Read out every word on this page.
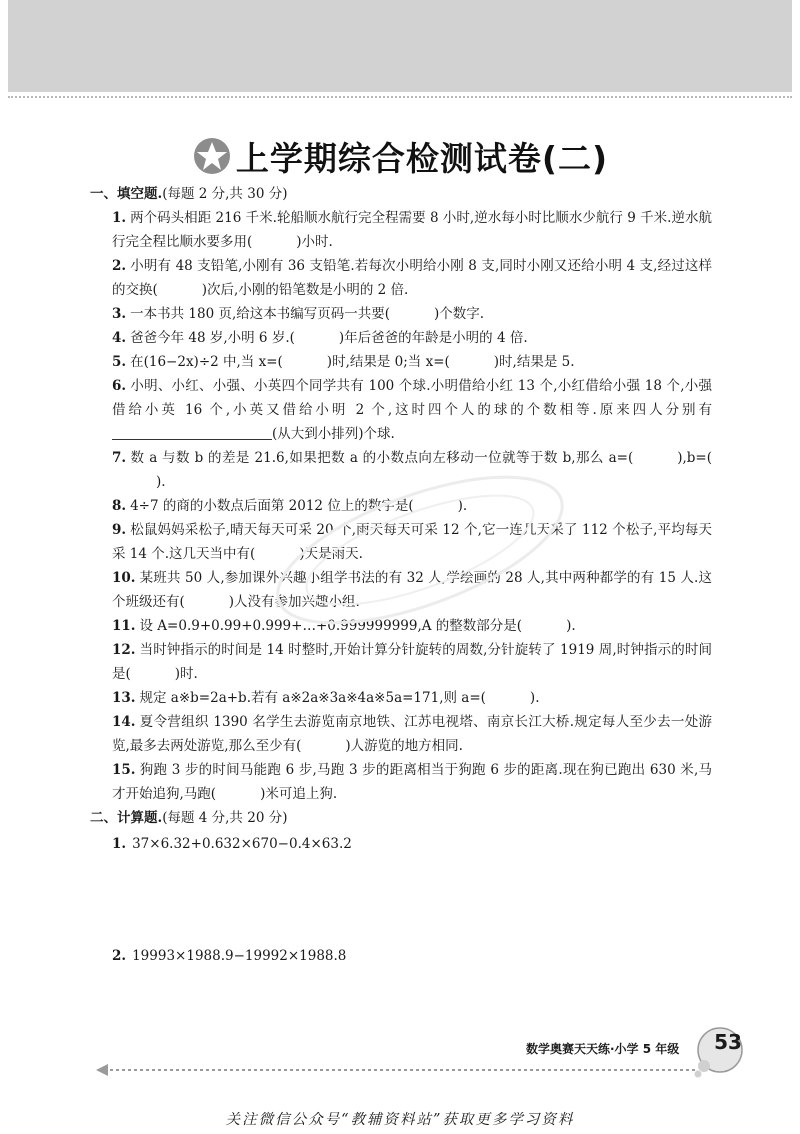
上学期综合检测试卷(二)
一、填空题.(每题 2 分,共 30 分)
1. 两个码头相距 216 千米.轮船顺水航行完全程需要 8 小时,逆水每小时比顺水少航行 9 千米.逆水航行完全程比顺水要多用(	)小时.
2. 小明有 48 支铅笔,小刚有 36 支铅笔.若每次小明给小刚 8 支,同时小刚又还给小明 4 支,经过这样的交换(	)次后,小刚的铅笔数是小明的 2 倍.
3. 一本书共 180 页,给这本书编写页码一共要(	)个数字.
4. 爸爸今年 48 岁,小明 6 岁.(	)年后爸爸的年龄是小明的 4 倍.
5. 在(16−2x)÷2 中,当 x=(	)时,结果是 0;当 x=(	)时,结果是 5.
6. 小明、小红、小强、小英四个同学共有 100 个球.小明借给小红 13 个,小红借给小强 18 个,小强借给小英 16 个,小英又借给小明 2 个,这时四个人的球的个数相等.原来四人分别有(从大到小排列)个球.
7. 数 a 与数 b 的差是 21.6,如果把数 a 的小数点向左移动一位就等于数 b,那么 a=(	),b=().
8. 4÷7 的商的小数点后面第 2012 位上的数字是(	).
9. 松鼠妈妈采松子,晴天每天可采 20 个,雨天每天可采 12 个,它一连几天采了 112 个松子,平均每天采 14 个.这几天当中有(	)天是雨天.
10. 某班共 50 人,参加课外兴趣小组学书法的有 32 人,学绘画的 28 人,其中两种都学的有 15 人.这个班级还有(	)人没有参加兴趣小组.
11. 设 A=0.9+0.99+0.999+…+0.999999999,A 的整数部分是(	).
12. 当时钟指示的时间是 14 时整时,开始计算分针旋转的周数,分针旋转了 1919 周,时钟指示的时间是(	)时.
13. 规定 a※b=2a+b.若有 a※2a※3a※4a※5a=171,则 a=(	).
14. 夏令营组织 1390 名学生去游览南京地铁、江苏电视塔、南京长江大桥.规定每人至少去一处游览,最多去两处游览,那么至少有(	)人游览的地方相同.
15. 狗跑 3 步的时间马能跑 6 步,马跑 3 步的距离相当于狗跑 6 步的距离.现在狗已跑出 630 米,马才开始追狗,马跑(	)米可追上狗.
二、计算题.(每题 4 分,共 20 分)
1. 37×6.32+0.632×670−0.4×63.2
2. 19993×1988.9−19992×1988.8
数学奥赛天天练·小学 5 年级	53
关注微信公众号“教辅资料站”获取更多学习资料
